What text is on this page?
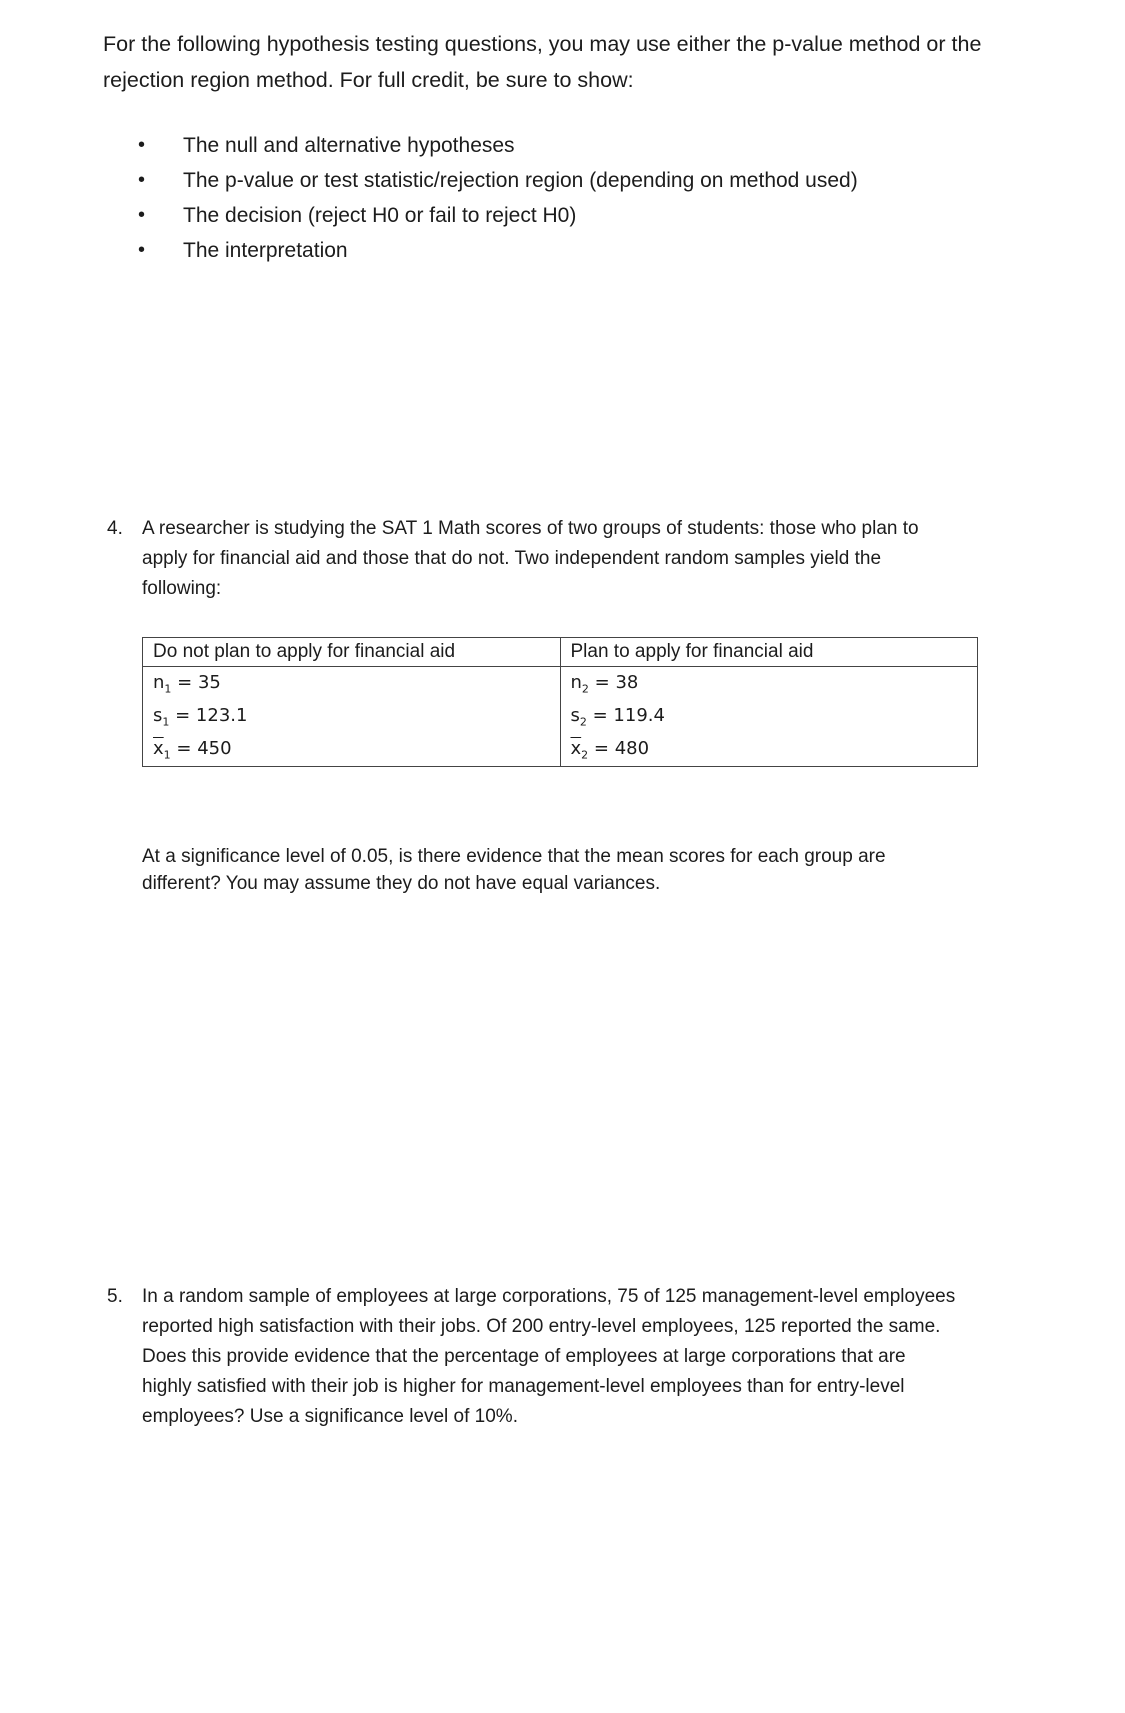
For the following hypothesis testing questions, you may use either the p-value method or the
rejection region method. For full credit, be sure to show:
• The null and alternative hypotheses
• The p-value or test statistic/rejection region (depending on method used)
• The decision (reject H0 or fail to reject H0)
• The interpretation
4. A researcher is studying the SAT 1 Math scores of two groups of students: those who plan to
apply for financial aid and those that do not. Two independent random samples yield the
following:
Do not plan to apply for financial aid	Plan to apply for financial aid
$n_1 = 35$	$n_2 = 38$
$s_1 = 123.1$	$s_2 = 119.4$
$\overline{x}_1 = 450$	$\overline{x}_2 = 480$
At a significance level of 0.05, is there evidence that the mean scores for each group are
different? You may assume they do not have equal variances.
5. In a random sample of employees at large corporations, 75 of 125 management-level employees
reported high satisfaction with their jobs. Of 200 entry-level employees, 125 reported the same.
Does this provide evidence that the percentage of employees at large corporations that are
highly satisfied with their job is higher for management-level employees than for entry-level
employees? Use a significance level of 10%.
